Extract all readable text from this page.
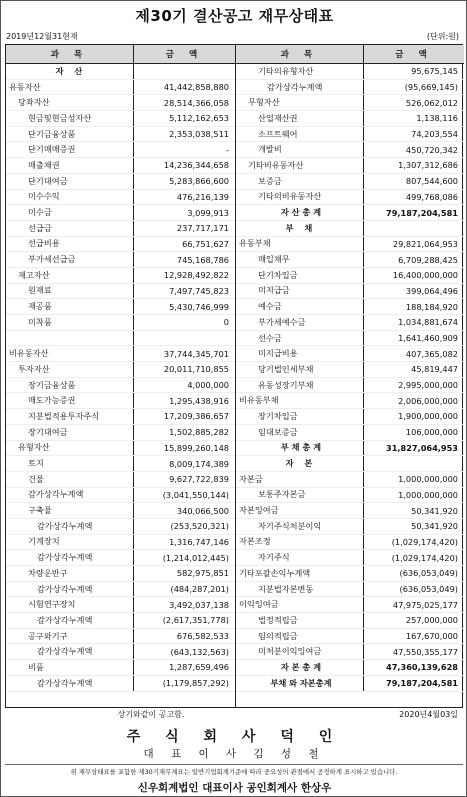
제30기 결산공고 재무상태표
2019년12월31현재	(단위:원)
과 목	금 액
자 산
유동자산	41,442,858,880
당좌자산	28,514,366,058
현금및현금성자산	5,112,162,653
단기금융상품	2,353,038,511
단기매매증권	-
매출채권	14,236,344,658
단기대여금	5,283,866,600
미수수익	476,216,139
미수금	3,099,913
선급금	237,717,171
선급비용	66,751,627
부가세선급금	745,168,786
재고자산	12,928,492,822
원재료	7,497,745,823
재공품	5,430,746,999
미착품	0
비유동자산	37,744,345,701
투자자산	20,011,710,855
장기금융상품	4,000,000
매도가능증권	1,295,438,916
지분법적용투자주식	17,209,386,657
장기대여금	1,502,885,282
유형자산	15,899,260,148
토지	8,009,174,389
건물	9,627,722,839
감가상각누계액	(3,041,550,144)
구축물	340,066,500
감가상각누계액	(253,520,321)
기계장치	1,316,747,146
감가상각누계액	(1,214,012,445)
차량운반구	582,975,851
감가상각누계액	(484,287,201)
시험연구장치	3,492,037,138
감가상각누계액	(2,617,351,778)
공구와기구	676,582,533
감가상각누계액	(643,132,563)
비품	1,287,659,496
감가상각누계액	(1,179,857,292)
과 목	금 액
기타의유형자산	95,675,145
감가상각누계액	(95,669,145)
무형자산	526,062,012
산업재산권	1,138,116
소프트웨어	74,203,554
개발비	450,720,342
기타비유동자산	1,307,312,686
보증금	807,544,600
기타의비유동자산	499,768,086
자 산 총 계	79,187,204,581
부 채
유동부채	29,821,064,953
매입채무	6,709,288,425
단기차입금	16,400,000,000
미지급금	399,064,496
예수금	188,184,920
부가세예수금	1,034,881,674
선수금	1,641,460,909
미지급비용	407,365,082
당기법인세부채	45,819,447
유동성장기부채	2,995,000,000
비유동부채	2,006,000,000
장기차입금	1,900,000,000
임대보증금	106,000,000
부 채 총 계	31,827,064,953
자 본
자본금	1,000,000,000
보통주자본금	1,000,000,000
자본잉여금	50,341,920
자기주식처분이익	50,341,920
자본조정	(1,029,174,420)
자기주식	(1,029,174,420)
기타포괄손익누계액	(636,053,049)
지분법자본변동	(636,053,049)
이익잉여금	47,975,025,177
법정적립금	257,000,000
임의적립금	167,670,000
미처분이익잉여금	47,550,355,177
자 본 총 계	47,360,139,628
부채 와 자본총계	79,187,204,581
상기와같이 공고함.	2020년4월03일
주 식 회 사 덕 인
대 표 이 사 김 성 철
위 재무상태표를 포함한 제30기재무제표는 일반기업회계기준에 따라 중요성의 관점에서 공정하게 표시하고 있습니다.
신우회계법인 대표이사 공인회계사 한상우
